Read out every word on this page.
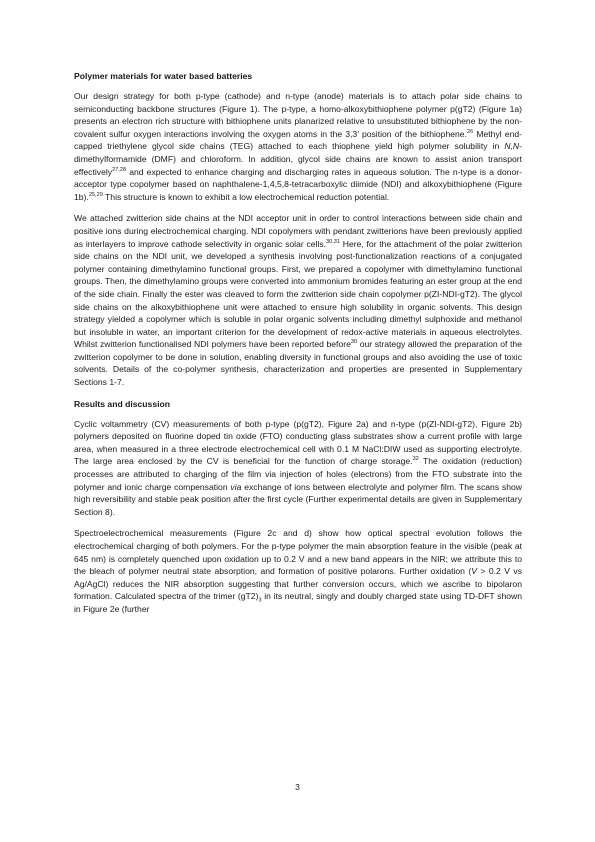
Polymer materials for water based batteries

Our design strategy for both p-type (cathode) and n-type (anode) materials is to attach polar side chains to semiconducting backbone structures (Figure 1). The p-type, a homo-alkoxybithiophene polymer p(gT2) (Figure 1a) presents an electron rich structure with bithiophene units planarized relative to unsubstituted bithiophene by the non-covalent sulfur oxygen interactions involving the oxygen atoms in the 3,3’ position of the bithiophene.$^{26}$ Methyl end-capped triethylene glycol side chains (TEG) attached to each thiophene yield high polymer solubility in N,N-dimethylformamide (DMF) and chloroform. In addition, glycol side chains are known to assist anion transport effectively$^{27,28}$ and expected to enhance charging and discharging rates in aqueous solution. The n-type is a donor-acceptor type copolymer based on naphthalene-1,4,5,8-tetracarboxylic diimide (NDI) and alkoxybithiophene (Figure 1b).$^{25,29}$ This structure is known to exhibit a low electrochemical reduction potential.

We attached zwitterion side chains at the NDI acceptor unit in order to control interactions between side chain and positive ions during electrochemical charging. NDI copolymers with pendant zwitterions have been previously applied as interlayers to improve cathode selectivity in organic solar cells.$^{30,31}$ Here, for the attachment of the polar zwitterion side chains on the NDI unit, we developed a synthesis involving post-functionalization reactions of a conjugated polymer containing dimethylamino functional groups. First, we prepared a copolymer with dimethylamino functional groups. Then, the dimethylamino groups were converted into ammonium bromides featuring an ester group at the end of the side chain. Finally the ester was cleaved to form the zwitterion side chain copolymer p(ZI-NDI-gT2). The glycol side chains on the alkoxybithiophene unit were attached to ensure high solubility in organic solvents. This design strategy yielded a copolymer which is soluble in polar organic solvents including dimethyl sulphoxide and methanol but insoluble in water, an important criterion for the development of redox-active materials in aqueous electrolytes. Whilst zwitterion functionalised NDI polymers have been reported before$^{30}$ our strategy allowed the preparation of the zwitterion copolymer to be done in solution, enabling diversity in functional groups and also avoiding the use of toxic solvents. Details of the co-polymer synthesis, characterization and properties are presented in Supplementary Sections 1-7.

Results and discussion

Cyclic voltammetry (CV) measurements of both p-type (p(gT2), Figure 2a) and n-type (p(ZI-NDI-gT2), Figure 2b) polymers deposited on fluorine doped tin oxide (FTO) conducting glass substrates show a current profile with large area, when measured in a three electrode electrochemical cell with 0.1 M NaCl:DIW used as supporting electrolyte. The large area enclosed by the CV is beneficial for the function of charge storage.$^{32}$ The oxidation (reduction) processes are attributed to charging of the film via injection of holes (electrons) from the FTO substrate into the polymer and ionic charge compensation via exchange of ions between electrolyte and polymer film. The scans show high reversibility and stable peak position after the first cycle (Further experimental details are given in Supplementary Section 8).

Spectroelectrochemical measurements (Figure 2c and d) show how optical spectral evolution follows the electrochemical charging of both polymers. For the p-type polymer the main absorption feature in the visible (peak at 645 nm) is completely quenched upon oxidation up to 0.2 V and a new band appears in the NIR; we attribute this to the bleach of polymer neutral state absorption, and formation of positive polarons. Further oxidation (V > 0.2 V vs Ag/AgCl) reduces the NIR absorption suggesting that further conversion occurs, which we ascribe to bipolaron formation. Calculated spectra of the trimer $(gT2)_3$ in its neutral, singly and doubly charged state using TD-DFT shown in Figure 2e (further

3
